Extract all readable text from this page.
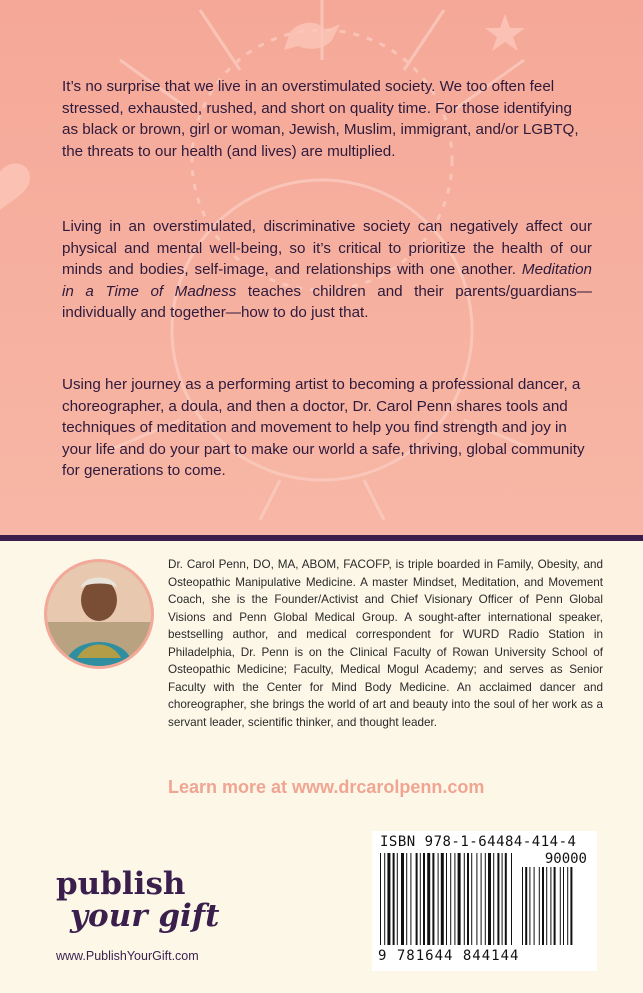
It’s no surprise that we live in an overstimulated society. We too often feel stressed, exhausted, rushed, and short on quality time. For those identifying as black or brown, girl or woman, Jewish, Muslim, immigrant, and/or LGBTQ, the threats to our health (and lives) are multiplied.

Living in an overstimulated, discriminative society can negatively affect our physical and mental well-being, so it’s critical to prioritize the health of our minds and bodies, self-image, and relationships with one another. Meditation in a Time of Madness teaches children and their parents/guardians—individually and together—how to do just that.

Using her journey as a performing artist to becoming a professional dancer, a choreographer, a doula, and then a doctor, Dr. Carol Penn shares tools and techniques of meditation and movement to help you find strength and joy in your life and do your part to make our world a safe, thriving, global community for generations to come.

Dr. Carol Penn, DO, MA, ABOM, FACOFP, is triple boarded in Family, Obesity, and Osteopathic Manipulative Medicine. A master Mindset, Meditation, and Movement Coach, she is the Founder/Activist and Chief Visionary Officer of Penn Global Visions and Penn Global Medical Group. A sought-after international speaker, bestselling author, and medical correspondent for WURD Radio Station in Philadelphia, Dr. Penn is on the Clinical Faculty of Rowan University School of Osteopathic Medicine; Faculty, Medical Mogul Academy; and serves as Senior Faculty with the Center for Mind Body Medicine. An acclaimed dancer and choreographer, she brings the world of art and beauty into the soul of her work as a servant leader, scientific thinker, and thought leader.

Learn more at www.drcarolpenn.com
publish
your gift
www.PublishYourGift.com
ISBN 978-1-64484-414-4
90000
9 781644 844144
